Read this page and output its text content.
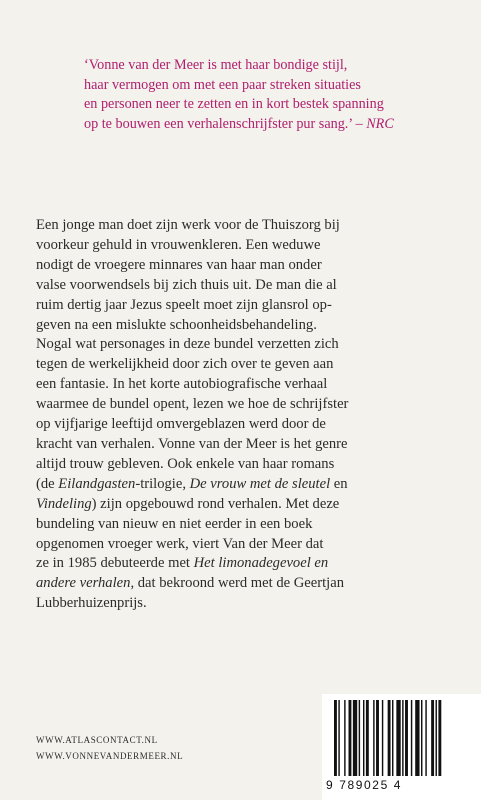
‘Vonne van der Meer is met haar bondige stijl,
haar vermogen om met een paar streken situaties
en personen neer te zetten en in kort bestek spanning
op te bouwen een verhalenschrijfster pur sang.’ – NRC
Een jonge man doet zijn werk voor de Thuiszorg bij
voorkeur gehuld in vrouwenkleren. Een weduwe
nodigt de vroegere minnares van haar man onder
valse voorwendsels bij zich thuis uit. De man die al
ruim dertig jaar Jezus speelt moet zijn glansrol op-
geven na een mislukte schoonheidsbehandeling.
Nogal wat personages in deze bundel verzetten zich
tegen de werkelijkheid door zich over te geven aan
een fantasie. In het korte autobiografische verhaal
waarmee de bundel opent, lezen we hoe de schrijfster
op vijfjarige leeftijd omvergeblazen werd door de
kracht van verhalen. Vonne van der Meer is het genre
altijd trouw gebleven. Ook enkele van haar romans
(de Eilandgasten-trilogie, De vrouw met de sleutel en
Vindeling) zijn opgebouwd rond verhalen. Met deze
bundeling van nieuw en niet eerder in een boek
opgenomen vroeger werk, viert Van der Meer dat
ze in 1985 debuteerde met Het limonadegevoel en
andere verhalen, dat bekroond werd met de Geertjan
Lubberhuizenprijs.
WWW.ATLASCONTACT.NL
WWW.VONNEVANDERMEER.NL
9 789025 4
